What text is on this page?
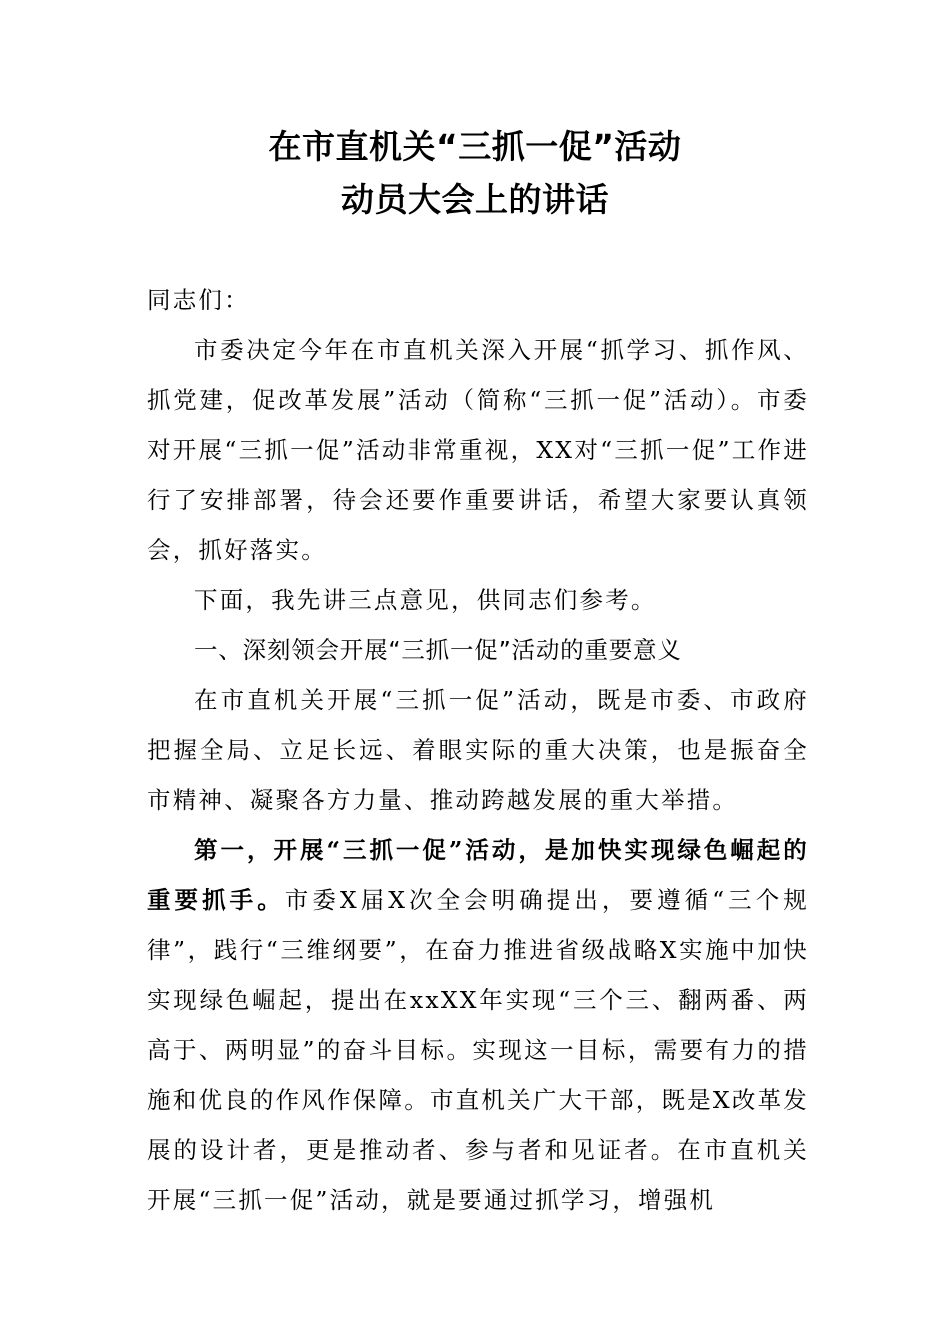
在市直机关“三抓一促”活动
动员大会上的讲话

同志们：

市委决定今年在市直机关深入开展“抓学习、抓作风、抓党建，促改革发展”活动（简称“三抓一促”活动）。市委对开展“三抓一促”活动非常重视，XX对“三抓一促”工作进行了安排部署，待会还要作重要讲话，希望大家要认真领会，抓好落实。

下面，我先讲三点意见，供同志们参考。

一、深刻领会开展“三抓一促”活动的重要意义

在市直机关开展“三抓一促”活动，既是市委、市政府把握全局、立足长远、着眼实际的重大决策，也是振奋全市精神、凝聚各方力量、推动跨越发展的重大举措。

第一，开展“三抓一促”活动，是加快实现绿色崛起的重要抓手。市委X届X次全会明确提出，要遵循“三个规律”，践行“三维纲要”，在奋力推进省级战略X实施中加快实现绿色崛起，提出在xxXX年实现“三个三、翻两番、两高于、两明显”的奋斗目标。实现这一目标，需要有力的措施和优良的作风作保障。市直机关广大干部，既是X改革发展的设计者，更是推动者、参与者和见证者。在市直机关开展“三抓一促”活动，就是要通过抓学习，增强机
